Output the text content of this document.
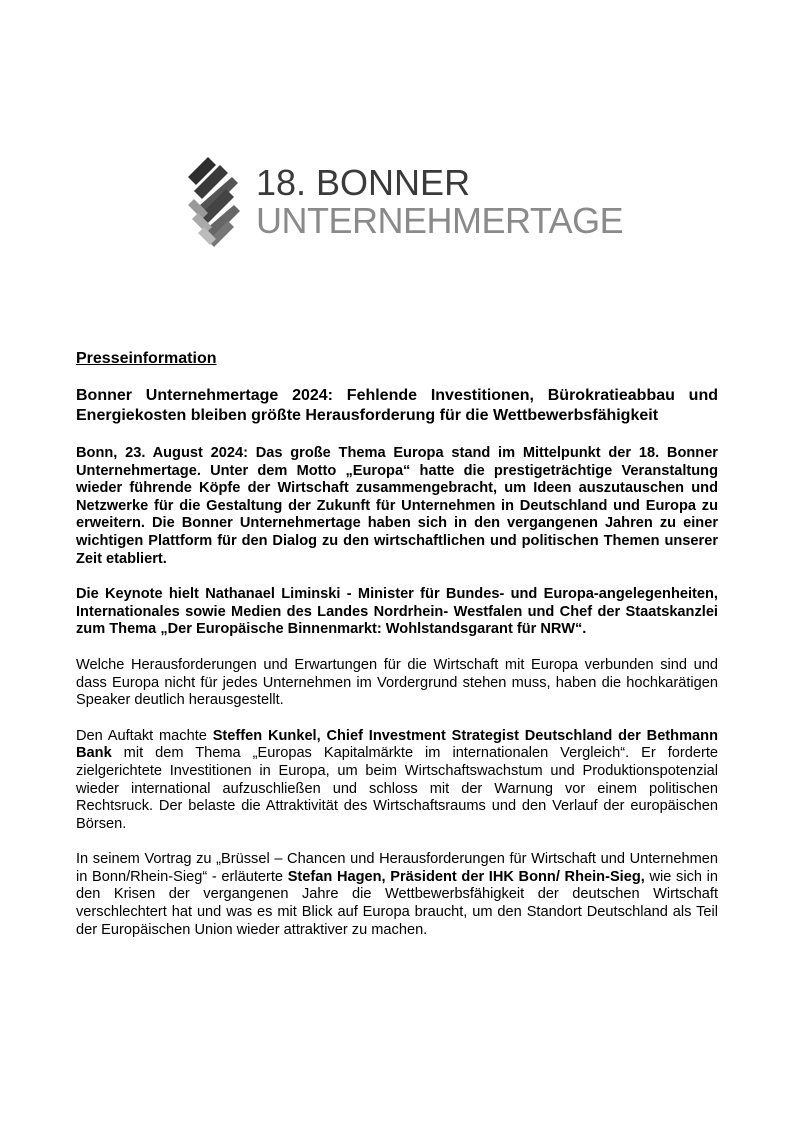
18. BONNER
UNTERNEHMERTAGE
Presseinformation
Bonner Unternehmertage 2024: Fehlende Investitionen, Bürokratieabbau und Energiekosten bleiben größte Herausforderung für die Wettbewerbsfähigkeit

Bonn, 23. August 2024: Das große Thema Europa stand im Mittelpunkt der 18. Bonner Unternehmertage. Unter dem Motto „Europa“ hatte die prestigeträchtige Veranstaltung wieder führende Köpfe der Wirtschaft zusammengebracht, um Ideen auszutauschen und Netzwerke für die Gestaltung der Zukunft für Unternehmen in Deutschland und Europa zu erweitern. Die Bonner Unternehmertage haben sich in den vergangenen Jahren zu einer wichtigen Plattform für den Dialog zu den wirtschaftlichen und politischen Themen unserer Zeit etabliert.

Die Keynote hielt Nathanael Liminski - Minister für Bundes- und Europa-angelegenheiten, Internationales sowie Medien des Landes Nordrhein- Westfalen und Chef der Staatskanzlei zum Thema „Der Europäische Binnenmarkt: Wohlstandsgarant für NRW“.

Welche Herausforderungen und Erwartungen für die Wirtschaft mit Europa verbunden sind und dass Europa nicht für jedes Unternehmen im Vordergrund stehen muss, haben die hochkarätigen Speaker deutlich herausgestellt.

Den Auftakt machte Steffen Kunkel, Chief Investment Strategist Deutschland der Bethmann Bank mit dem Thema „Europas Kapitalmärkte im internationalen Vergleich“. Er forderte zielgerichtete Investitionen in Europa, um beim Wirtschaftswachstum und Produktionspotenzial wieder international aufzuschließen und schloss mit der Warnung vor einem politischen Rechtsruck. Der belaste die Attraktivität des Wirtschaftsraums und den Verlauf der europäischen Börsen.

In seinem Vortrag zu „Brüssel – Chancen und Herausforderungen für Wirtschaft und Unternehmen in Bonn/Rhein-Sieg“ - erläuterte Stefan Hagen, Präsident der IHK Bonn/ Rhein-Sieg, wie sich in den Krisen der vergangenen Jahre die Wettbewerbsfähigkeit der deutschen Wirtschaft verschlechtert hat und was es mit Blick auf Europa braucht, um den Standort Deutschland als Teil der Europäischen Union wieder attraktiver zu machen.
